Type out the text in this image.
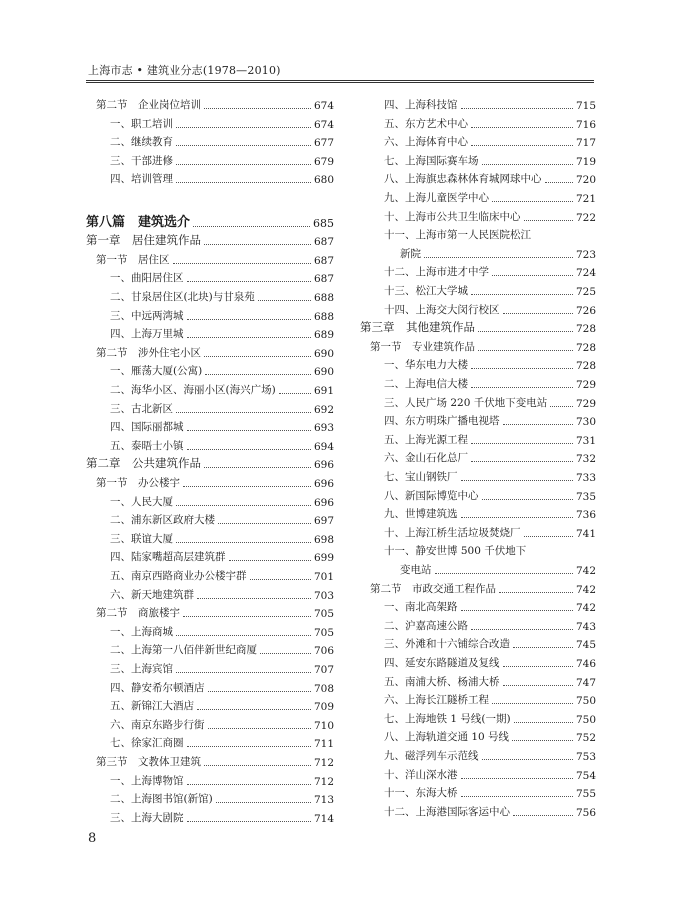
上海市志 • 建筑业分志(1978—2010)
第二节　企业岗位培训	674
一、职工培训	674
二、继续教育	677
三、干部进修	679
四、培训管理	680
第八篇　建筑选介	685
第一章　居住建筑作品	687
第一节　居住区	687
一、曲阳居住区	687
二、甘泉居住区(北块)与甘泉苑	688
三、中远两湾城	688
四、上海万里城	689
第二节　涉外住宅小区	690
一、雁荡大厦(公寓)	690
二、海华小区、海丽小区(海兴广场)	691
三、古北新区	692
四、国际丽都城	693
五、泰晤士小镇	694
第二章　公共建筑作品	696
第一节　办公楼宇	696
一、人民大厦	696
二、浦东新区政府大楼	697
三、联谊大厦	698
四、陆家嘴超高层建筑群	699
五、南京西路商业办公楼宇群	701
六、新天地建筑群	703
第二节　商旅楼宇	705
一、上海商城	705
二、上海第一八佰伴新世纪商厦	706
三、上海宾馆	707
四、静安希尔顿酒店	708
五、新锦江大酒店	709
六、南京东路步行街	710
七、徐家汇商圈	711
第三节　文教体卫建筑	712
一、上海博物馆	712
二、上海图书馆(新馆)	713
三、上海大剧院	714
四、上海科技馆	715
五、东方艺术中心	716
六、上海体育中心	717
七、上海国际赛车场	719
八、上海旗忠森林体育城网球中心	720
九、上海儿童医学中心	721
十、上海市公共卫生临床中心	722
十一、上海市第一人民医院松江
新院	723
十二、上海市进才中学	724
十三、松江大学城	725
十四、上海交大闵行校区	726
第三章　其他建筑作品	728
第一节　专业建筑作品	728
一、华东电力大楼	728
二、上海电信大楼	729
三、人民广场 220 千伏地下变电站	729
四、东方明珠广播电视塔	730
五、上海光源工程	731
六、金山石化总厂	732
七、宝山钢铁厂	733
八、新国际博览中心	735
九、世博建筑选	736
十、上海江桥生活垃圾焚烧厂	741
十一、静安世博 500 千伏地下
变电站	742
第二节　市政交通工程作品	742
一、南北高架路	742
二、沪嘉高速公路	743
三、外滩和十六铺综合改造	745
四、延安东路隧道及复线	746
五、南浦大桥、杨浦大桥	747
六、上海长江隧桥工程	750
七、上海地铁 1 号线(一期)	750
八、上海轨道交通 10 号线	752
九、磁浮列车示范线	753
十、洋山深水港	754
十一、东海大桥	755
十二、上海港国际客运中心	756
8
